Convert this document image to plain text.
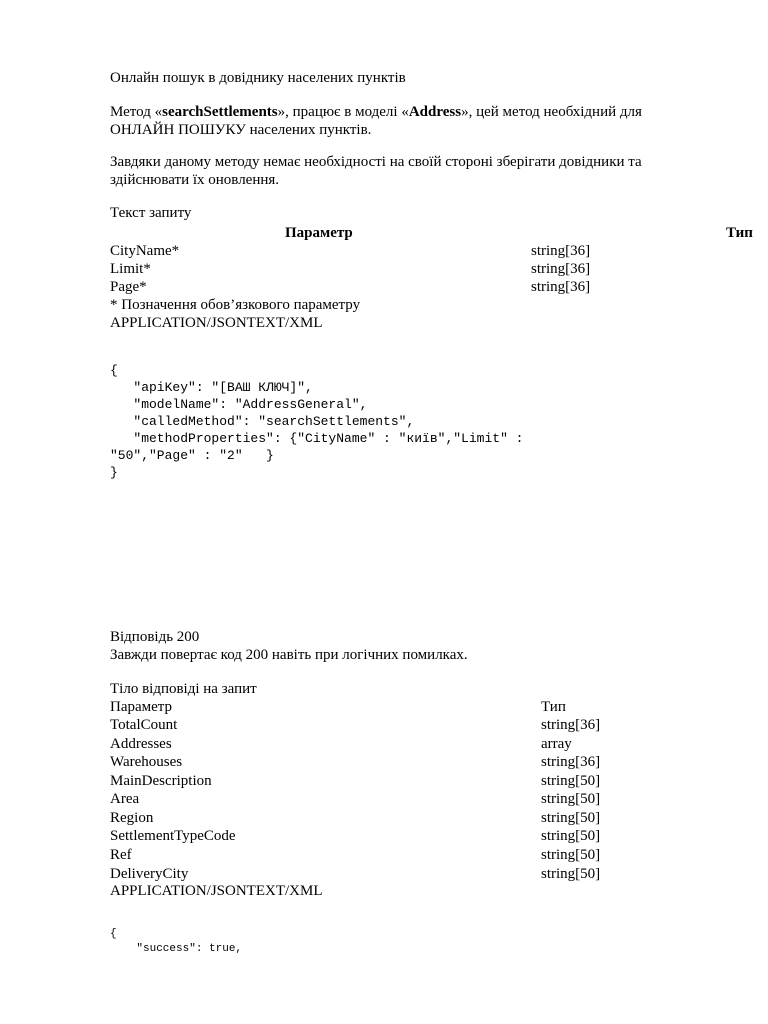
Онлайн пошук в довіднику населених пунктів
Метод «searchSettlements», працює в моделі «Address», цей метод необхідний для
ОНЛАЙН ПОШУКУ населених пунктів.
Завдяки даному методу немає необхідності на своїй стороні зберігати довідники та
здійснювати їх оновлення.
Текст запиту
Параметр	Тип
CityName*	string[36]
Limit*	string[36]
Page*	string[36]
* Позначення обов’язкового параметру
APPLICATION/JSONTEXT/XML
{
"apiKey": "[ВАШ КЛЮЧ]",
"modelName": "AddressGeneral",
"calledMethod": "searchSettlements",
"methodProperties": {"CityName" : "київ","Limit" :
"50","Page" : "2"   }
}
Відповідь 200
Завжди повертає код 200 навіть при логічних помилках.
Тіло відповіді на запит
Параметр	Тип
TotalCount	string[36]
Addresses	array
Warehouses	string[36]
MainDescription	string[50]
Area	string[50]
Region	string[50]
SettlementTypeCode	string[50]
Ref	string[50]
DeliveryCity	string[50]
APPLICATION/JSONTEXT/XML
{
"success": true,
